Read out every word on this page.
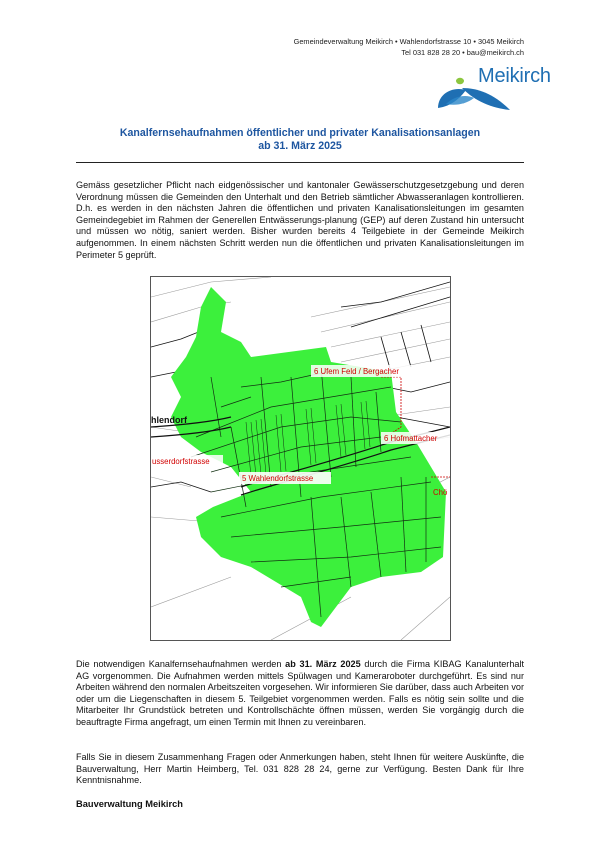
Gemeindeverwaltung Meikirch • Wahlendorfstrasse 10 • 3045 Meikirch
Tel 031 828 28 20 • bau@meikirch.ch
Meikirch
Kanalfernsehaufnahmen öffentlicher und privater Kanalisationsanlagen
ab 31. März 2025
Gemäss gesetzlicher Pflicht nach eidgenössischer und kantonaler Gewässerschutzgesetzgebung und deren Verordnung müssen die Gemeinden den Unterhalt und den Betrieb sämtlicher Abwasseranlagen kontrollieren. D.h. es werden in den nächsten Jahren die öffentlichen und privaten Kanalisationsleitungen im gesamten Gemeindegebiet im Rahmen der Generellen Entwässerungs-planung (GEP) auf deren Zustand hin untersucht und müssen wo nötig, saniert werden. Bisher wurden bereits 4 Teilgebiete in der Gemeinde Meikirch aufgenommen. In einem nächsten Schritt werden nun die öffentlichen und privaten Kanalisationsleitungen im Perimeter 5 geprüft.
6 Ufem Feld / Bergacher
6 Hofmattacher
5 Wahlendorfstrasse
Chö
hlendorf
usserdorfstrasse
Die notwendigen Kanalfernsehaufnahmen werden ab 31. März 2025 durch die Firma KIBAG Kanalunterhalt AG vorgenommen. Die Aufnahmen werden mittels Spülwagen und Kameraroboter durchgeführt. Es sind nur Arbeiten während den normalen Arbeitszeiten vorgesehen. Wir informieren Sie darüber, dass auch Arbeiten vor oder um die Liegenschaften in diesem 5. Teilgebiet vorgenommen werden. Falls es nötig sein sollte und die Mitarbeiter Ihr Grundstück betreten und Kontrollschächte öffnen müssen, werden Sie vorgängig durch die beauftragte Firma angefragt, um einen Termin mit Ihnen zu vereinbaren.
Falls Sie in diesem Zusammenhang Fragen oder Anmerkungen haben, steht Ihnen für weitere Auskünfte, die Bauverwaltung, Herr Martin Heimberg, Tel. 031 828 28 24, gerne zur Verfügung. Besten Dank für Ihre Kenntnisnahme.
Bauverwaltung Meikirch
